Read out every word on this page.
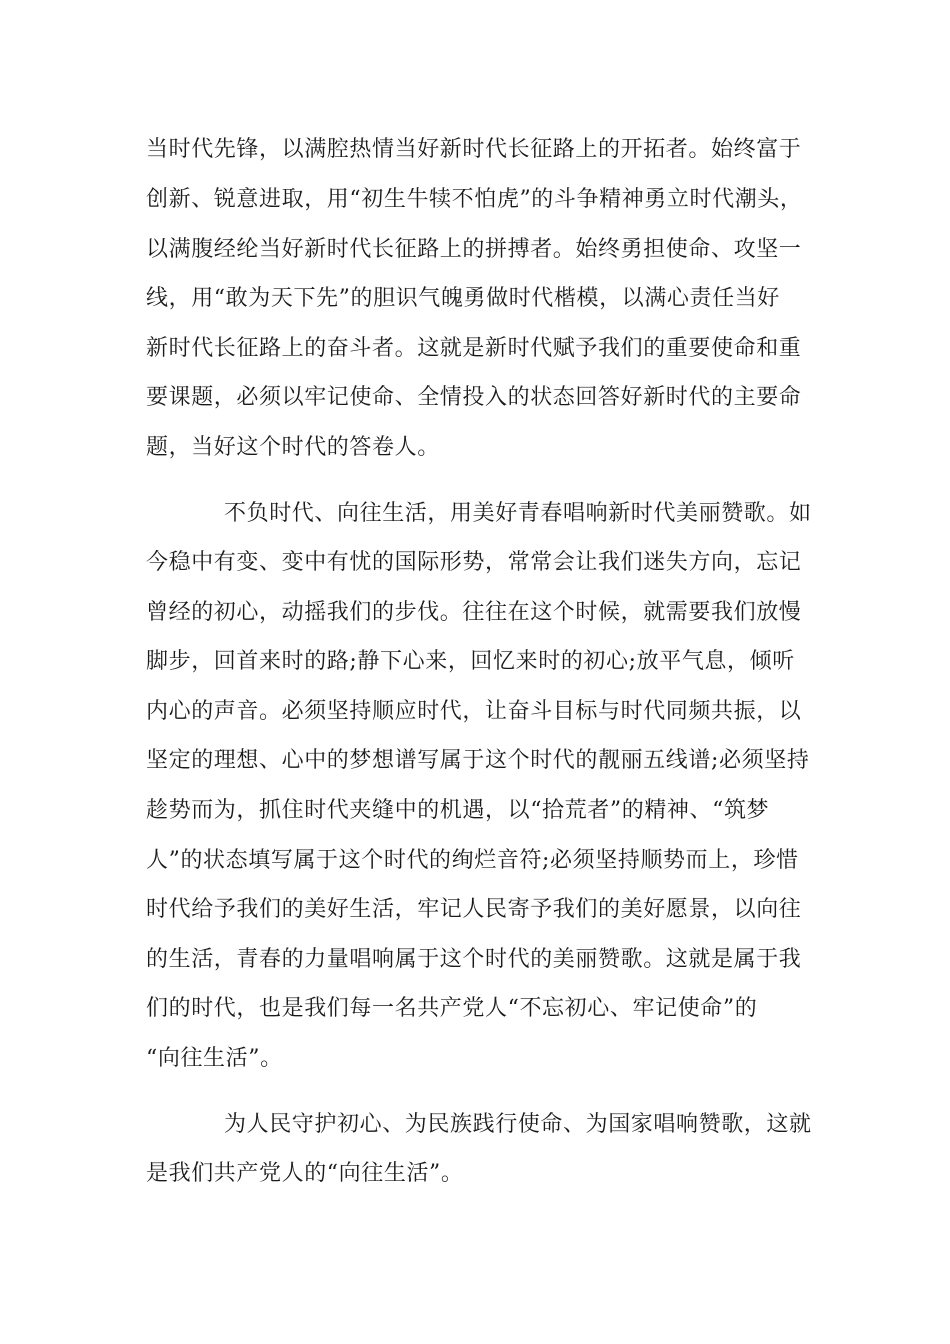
当时代先锋，以满腔热情当好新时代长征路上的开拓者。始终富于
创新、锐意进取，用“初生牛犊不怕虎”的斗争精神勇立时代潮头，
以满腹经纶当好新时代长征路上的拼搏者。始终勇担使命、攻坚一
线，用“敢为天下先”的胆识气魄勇做时代楷模，以满心责任当好
新时代长征路上的奋斗者。这就是新时代赋予我们的重要使命和重
要课题，必须以牢记使命、全情投入的状态回答好新时代的主要命
题，当好这个时代的答卷人。
不负时代、向往生活，用美好青春唱响新时代美丽赞歌。如
今稳中有变、变中有忧的国际形势，常常会让我们迷失方向，忘记
曾经的初心，动摇我们的步伐。往往在这个时候，就需要我们放慢
脚步，回首来时的路;静下心来，回忆来时的初心;放平气息，倾听
内心的声音。必须坚持顺应时代，让奋斗目标与时代同频共振，以
坚定的理想、心中的梦想谱写属于这个时代的靓丽五线谱;必须坚持
趁势而为，抓住时代夹缝中的机遇，以“拾荒者”的精神、“筑梦
人”的状态填写属于这个时代的绚烂音符;必须坚持顺势而上，珍惜
时代给予我们的美好生活，牢记人民寄予我们的美好愿景，以向往
的生活，青春的力量唱响属于这个时代的美丽赞歌。这就是属于我
们的时代，也是我们每一名共产党人“不忘初心、牢记使命”的
“向往生活”。
为人民守护初心、为民族践行使命、为国家唱响赞歌，这就
是我们共产党人的“向往生活”。
